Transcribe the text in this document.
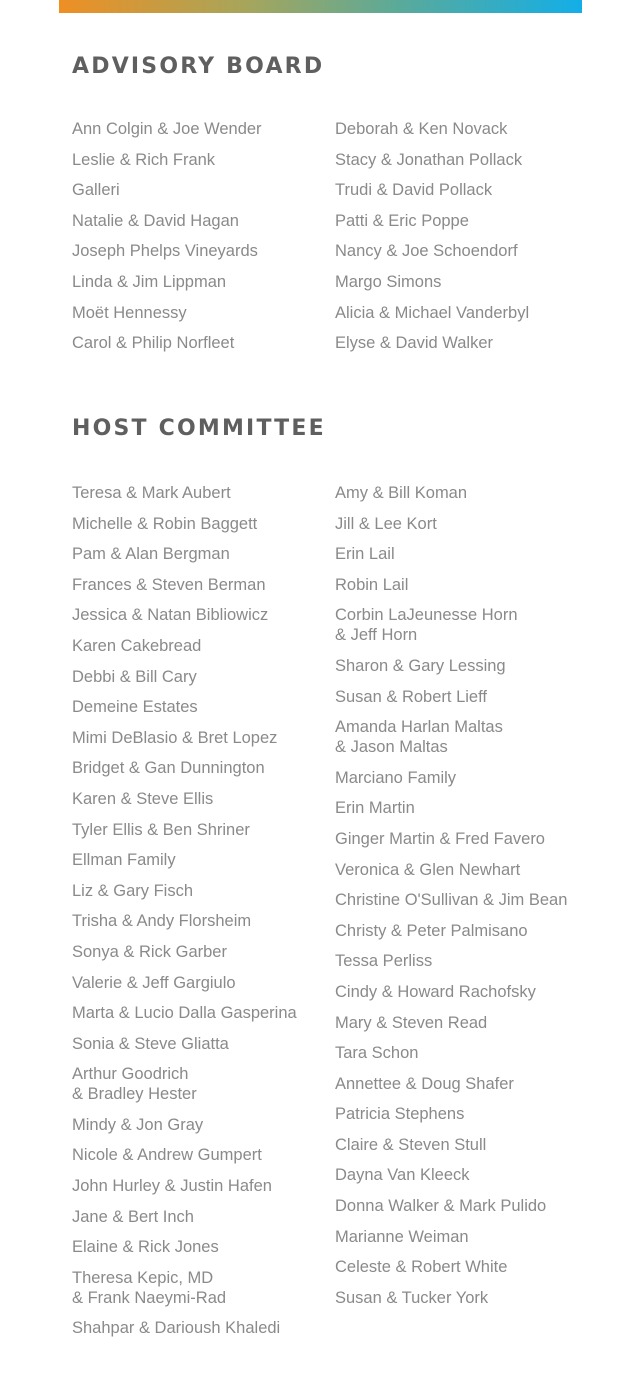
ADVISORY BOARD
Ann Colgin & Joe Wender
Leslie & Rich Frank
Galleri
Natalie & David Hagan
Joseph Phelps Vineyards
Linda & Jim Lippman
Moët Hennessy
Carol & Philip Norfleet
Deborah & Ken Novack
Stacy & Jonathan Pollack
Trudi & David Pollack
Patti & Eric Poppe
Nancy & Joe Schoendorf
Margo Simons
Alicia & Michael Vanderbyl
Elyse & David Walker
HOST COMMITTEE
Teresa & Mark Aubert
Michelle & Robin Baggett
Pam & Alan Bergman
Frances & Steven Berman
Jessica & Natan Bibliowicz
Karen Cakebread
Debbi & Bill Cary
Demeine Estates
Mimi DeBlasio & Bret Lopez
Bridget & Gan Dunnington
Karen & Steve Ellis
Tyler Ellis & Ben Shriner
Ellman Family
Liz & Gary Fisch
Trisha & Andy Florsheim
Sonya & Rick Garber
Valerie & Jeff Gargiulo
Marta & Lucio Dalla Gasperina
Sonia & Steve Gliatta
Arthur Goodrich
& Bradley Hester
Mindy & Jon Gray
Nicole & Andrew Gumpert
John Hurley & Justin Hafen
Jane & Bert Inch
Elaine & Rick Jones
Theresa Kepic, MD
& Frank Naeymi-Rad
Shahpar & Darioush Khaledi
Amy & Bill Koman
Jill & Lee Kort
Erin Lail
Robin Lail
Corbin LaJeunesse Horn
& Jeff Horn
Sharon & Gary Lessing
Susan & Robert Lieff
Amanda Harlan Maltas
& Jason Maltas
Marciano Family
Erin Martin
Ginger Martin & Fred Favero
Veronica & Glen Newhart
Christine O'Sullivan & Jim Bean
Christy & Peter Palmisano
Tessa Perliss
Cindy & Howard Rachofsky
Mary & Steven Read
Tara Schon
Annettee & Doug Shafer
Patricia Stephens
Claire & Steven Stull
Dayna Van Kleeck
Donna Walker & Mark Pulido
Marianne Weiman
Celeste & Robert White
Susan & Tucker York
